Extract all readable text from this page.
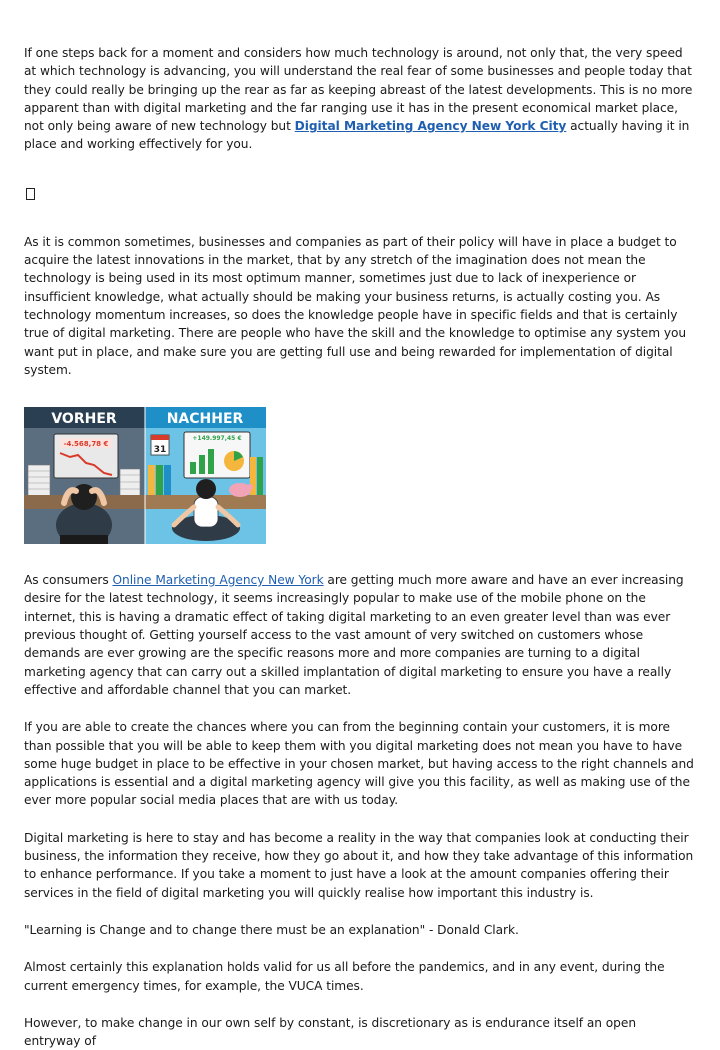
If one steps back for a moment and considers how much technology is around, not only that, the very speed at which technology is advancing, you will understand the real fear of some businesses and people today that they could really be bringing up the rear as far as keeping abreast of the latest developments. This is no more apparent than with digital marketing and the far ranging use it has in the present economical market place, not only being aware of new technology but Digital Marketing Agency New York City actually having it in place and working effectively for you.

As it is common sometimes, businesses and companies as part of their policy will have in place a budget to acquire the latest innovations in the market, that by any stretch of the imagination does not mean the technology is being used in its most optimum manner, sometimes just due to lack of inexperience or insufficient knowledge, what actually should be making your business returns, is actually costing you. As technology momentum increases, so does the knowledge people have in specific fields and that is certainly true of digital marketing. There are people who have the skill and the knowledge to optimise any system you want put in place, and make sure you are getting full use and being rewarded for implementation of digital system.

VORHER	NACHHER
-4.568,78 €
+149.997,45 €
31

As consumers Online Marketing Agency New York are getting much more aware and have an ever increasing desire for the latest technology, it seems increasingly popular to make use of the mobile phone on the internet, this is having a dramatic effect of taking digital marketing to an even greater level than was ever previous thought of. Getting yourself access to the vast amount of very switched on customers whose demands are ever growing are the specific reasons more and more companies are turning to a digital marketing agency that can carry out a skilled implantation of digital marketing to ensure you have a really effective and affordable channel that you can market.

If you are able to create the chances where you can from the beginning contain your customers, it is more than possible that you will be able to keep them with you digital marketing does not mean you have to have some huge budget in place to be effective in your chosen market, but having access to the right channels and applications is essential and a digital marketing agency will give you this facility, as well as making use of the ever more popular social media places that are with us today.

Digital marketing is here to stay and has become a reality in the way that companies look at conducting their business, the information they receive, how they go about it, and how they take advantage of this information to enhance performance. If you take a moment to just have a look at the amount companies offering their services in the field of digital marketing you will quickly realise how important this industry is.

"Learning is Change and to change there must be an explanation" - Donald Clark.

Almost certainly this explanation holds valid for us all before the pandemics, and in any event, during the current emergency times, for example, the VUCA times.

However, to make change in our own self by constant, is discretionary as is endurance itself an open entryway of
